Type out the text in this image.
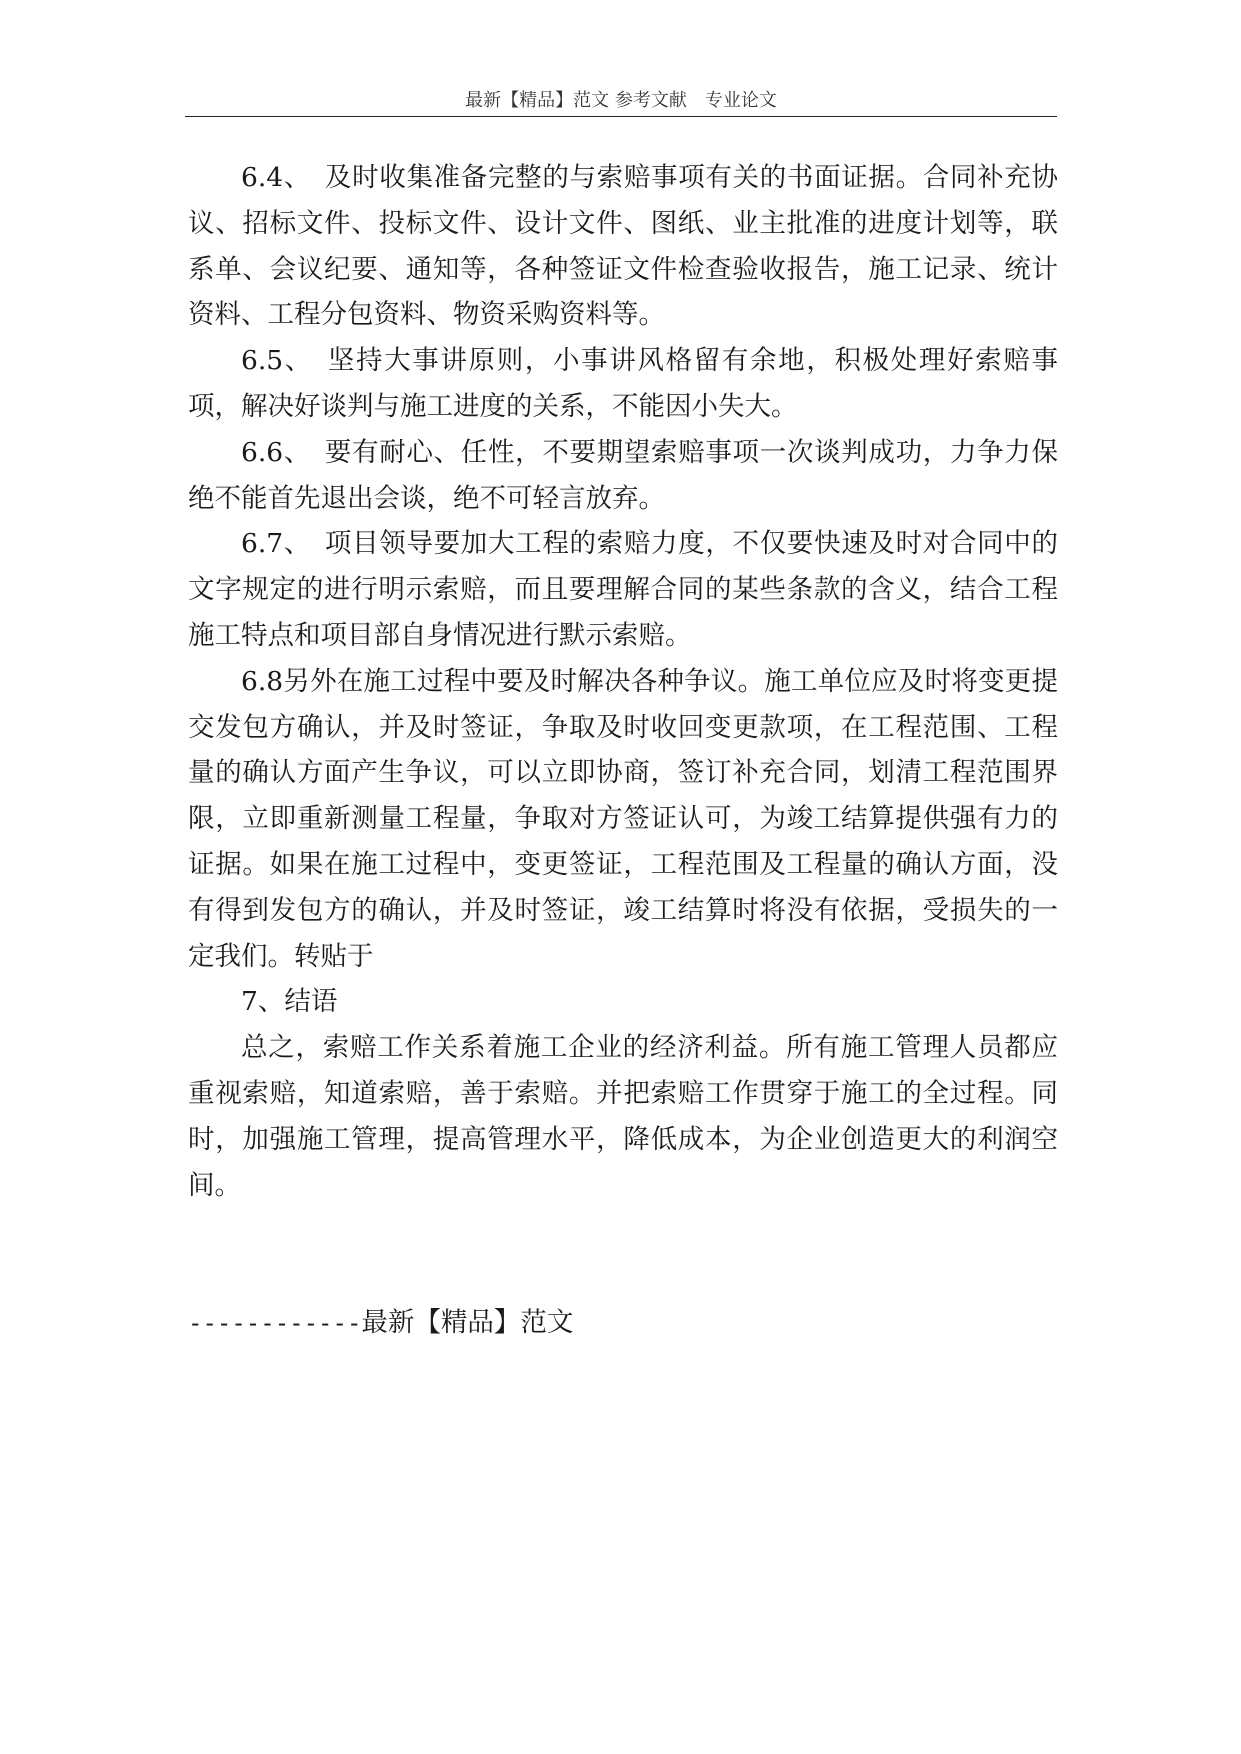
最新【精品】范文 参考文献　专业论文

6.4、　及时收集准备完整的与索赔事项有关的书面证据。合同补充协议、招标文件、投标文件、设计文件、图纸、业主批准的进度计划等，联系单、会议纪要、通知等，各种签证文件检查验收报告，施工记录、统计资料、工程分包资料、物资采购资料等。

6.5、　坚持大事讲原则，小事讲风格留有余地，积极处理好索赔事项，解决好谈判与施工进度的关系，不能因小失大。

6.6、　要有耐心、任性，不要期望索赔事项一次谈判成功，力争力保绝不能首先退出会谈，绝不可轻言放弃。

6.7、　项目领导要加大工程的索赔力度，不仅要快速及时对合同中的文字规定的进行明示索赔，而且要理解合同的某些条款的含义，结合工程施工特点和项目部自身情况进行默示索赔。

6.8另外在施工过程中要及时解决各种争议。施工单位应及时将变更提交发包方确认，并及时签证，争取及时收回变更款项，在工程范围、工程量的确认方面产生争议，可以立即协商，签订补充合同，划清工程范围界限，立即重新测量工程量，争取对方签证认可，为竣工结算提供强有力的证据。如果在施工过程中，变更签证，工程范围及工程量的确认方面，没有得到发包方的确认，并及时签证，竣工结算时将没有依据，受损失的一定我们。转贴于

7、结语

总之，索赔工作关系着施工企业的经济利益。所有施工管理人员都应重视索赔，知道索赔，善于索赔。并把索赔工作贯穿于施工的全过程。同时，加强施工管理，提高管理水平，降低成本，为企业创造更大的利润空间。

------------最新【精品】范文
